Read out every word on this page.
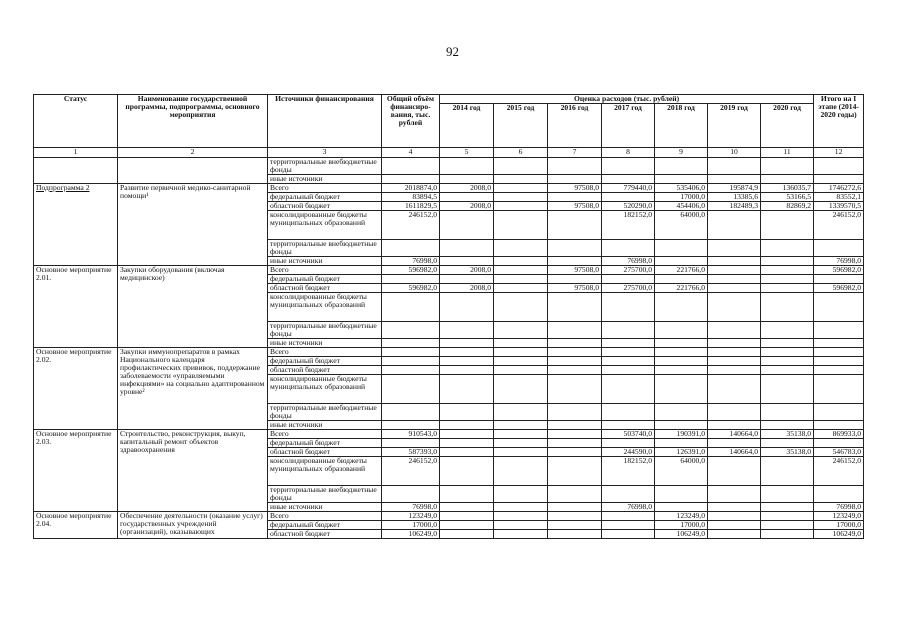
92
Статус	Наименование государственной программы, подпрограммы, основного мероприятия	Источники финансирования	Общий объём финансиро-вания, тыс. рублей	Оценка расходов (тыс. рублей)							Итого на I этапе (2014-2020 годы)
				2014 год	2015 год	2016 год	2017 год	2018 год	2019 год	2020 год	
1	2	3	4	5	6	7	8	9	10	11	12
		территориальные внебюджетные фонды									
		иные источники									
Подпрограмма 2	Развитие первичной медико-санитарной помощи¹	Всего	2018874,0	2008,0		97508,0	779440,0	535406,0	195874,9	136035,7	1746272,6
		федеральный бюджет	83894,5					17000,0	13385,6	53166,5	83552,1
		областной бюджет	1611829,5	2008,0		97508,0	520290,0	454406,0	182489,3	82869,2	1339570,5
		консолидированные бюджеты муниципальных образований	246152,0				182152,0	64000,0			246152,0
		территориальные внебюджетные фонды									
		иные источники	76998,0				76998,0				76998,0
Основное мероприятие 2.01.	Закупки оборудования (включая медицинское)	Всего	596982,0	2008,0		97508,0	275700,0	221766,0			596982,0
		федеральный бюджет									
		областной бюджет	596982,0	2008,0		97508,0	275700,0	221766,0			596982,0
		консолидированные бюджеты муниципальных образований									
		территориальные внебюджетные фонды									
		иные источники									
Основное мероприятие 2.02.	Закупки иммунопрепаратов в рамках Национального календаря профилактических прививок, поддержание заболеваемости «управляемыми инфекциями» на социально адаптированном уровне²	Всего									
		федеральный бюджет									
		областной бюджет									
		консолидированные бюджеты муниципальных образований									
		территориальные внебюджетные фонды									
		иные источники									
Основное мероприятие 2.03.	Строительство, реконструкция, выкуп, капитальный ремонт объектов здравоохранения	Всего	910543,0				503740,0	190391,0	140664,0	35138,0	869933,0
		федеральный бюджет									
		областной бюджет	587393,0				244590,0	126391,0	140664,0	35138,0	546783,0
		консолидированные бюджеты муниципальных образований	246152,0				182152,0	64000,0			246152,0
		территориальные внебюджетные фонды									
		иные источники	76998,0				76998,0				76998,0
Основное мероприятие 2.04.	Обеспечение деятельности (оказание услуг) государственных учреждений (организаций), оказывающих	Всего	123249,0					123249,0			123249,0
		федеральный бюджет	17000,0					17000,0			17000,0
		областной бюджет	106249,0					106249,0			106249,0
